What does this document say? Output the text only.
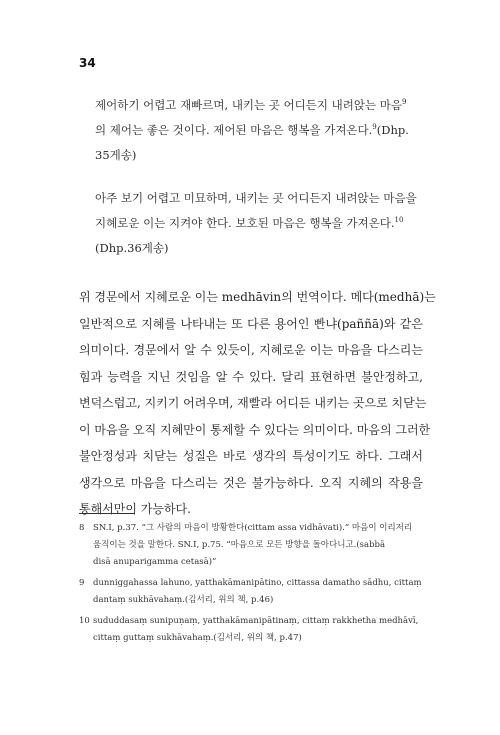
34
제어하기 어렵고 재빠르며, 내키는 곳 어디든지 내려앉는 마음$^9$
의 제어는 좋은 것이다. 제어된 마음은 행복을 가져온다.$^9$(Dhp.
35게송)
아주 보기 어렵고 미묘하며, 내키는 곳 어디든지 내려앉는 마음을
지혜로운 이는 지켜야 한다. 보호된 마음은 행복을 가져온다.$^{10}$
(Dhp.36게송)
위 경문에서 지혜로운 이는 medhāvin의 번역이다. 메다(medhā)는
일반적으로 지혜를 나타내는 또 다른 용어인 빤냐(paññā)와 같은
의미이다. 경문에서 알 수 있듯이, 지혜로운 이는 마음을 다스리는
힘과 능력을 지닌 것임을 알 수 있다. 달리 표현하면 불안정하고,
변덕스럽고, 지키기 어려우며, 재빨라 어디든 내키는 곳으로 치닫는
이 마음을 오직 지혜만이 통제할 수 있다는 의미이다. 마음의 그러한
불안정성과 치닫는 성질은 바로 생각의 특성이기도 하다. 그래서
생각으로 마음을 다스리는 것은 불가능하다. 오직 지혜의 작용을
통해서만이 가능하다.
8 SN.I, p.37. “그 사람의 마음이 방황한다(cittam assa vidhāvati).” 마음이 이리저리
움직이는 것을 말한다. SN.I, p.75. “마음으로 모든 방향을 돌아다니고.(sabbā
disā anuparigamma cetasā)”
9 dunniggahassa lahuno, yatthakāmanipātino, cittassa damatho sādhu, cittaṃ
dantaṃ sukhāvahaṃ.(김서리, 위의 책, p.46)
10 sududdasaṃ sunipuṇaṃ, yatthakāmanipātinaṃ, cittaṃ rakkhetha medhāvī,
cittaṃ guttaṃ sukhāvahaṃ.(김서리, 위의 책, p.47)
